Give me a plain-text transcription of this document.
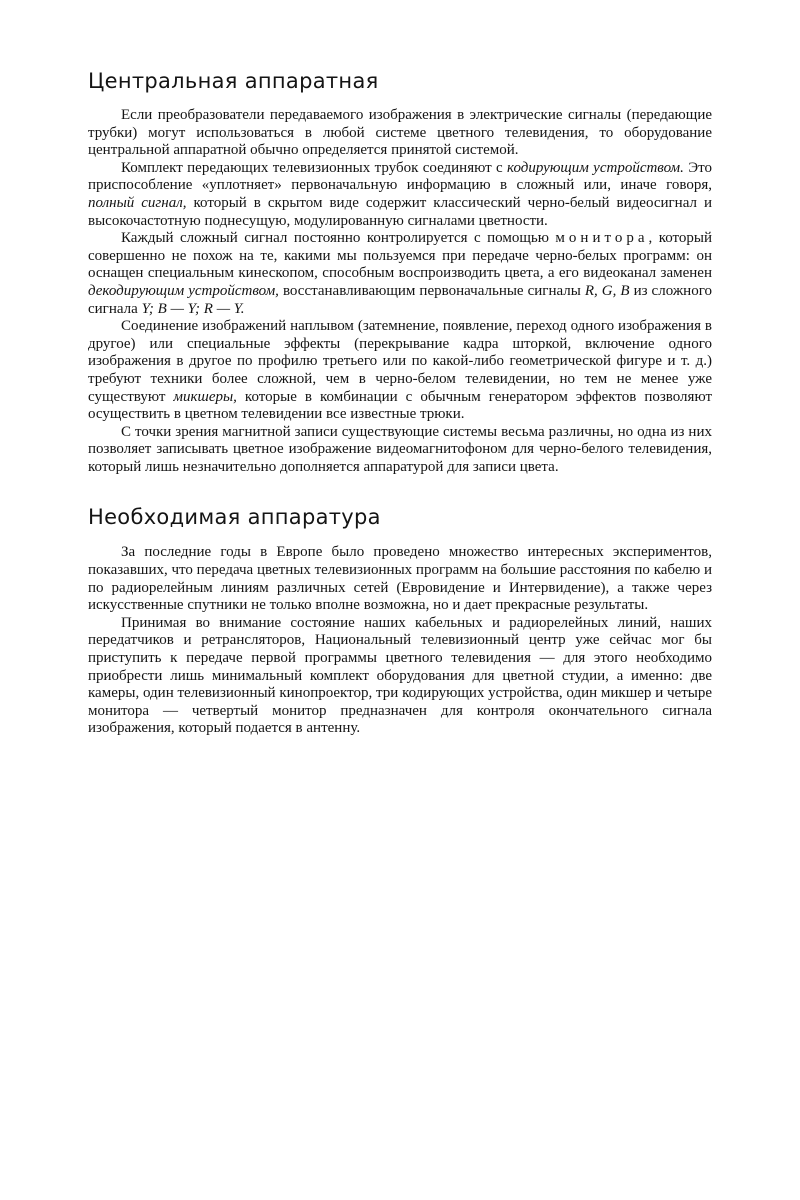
Центральная аппаратная

Если преобразователи передаваемого изображения в электрические сигналы (передающие трубки) могут использоваться в любой системе цветного телевидения, то оборудование центральной аппаратной обычно определяется принятой системой.

Комплект передающих телевизионных трубок соединяют с кодирующим устройством. Это приспособление «уплотняет» первоначальную информацию в сложный или, иначе говоря, полный сигнал, который в скрытом виде содержит классический черно-белый видеосигнал и высокочастотную поднесущую, модулированную сигналами цветности.

Каждый сложный сигнал постоянно контролируется с помощью монитора, который совершенно не похож на те, какими мы пользуемся при передаче черно-белых программ: он оснащен специальным кинескопом, способным воспроизводить цвета, а его видеоканал заменен декодирующим устройством, восстанавливающим первоначальные сигналы R, G, B из сложного сигнала Y; B — Y; R — Y.

Соединение изображений наплывом (затемнение, появление, переход одного изображения в другое) или специальные эффекты (перекрывание кадра шторкой, включение одного изображения в другое по профилю третьего или по какой-либо геометрической фигуре и т. д.) требуют техники более сложной, чем в черно-белом телевидении, но тем не менее уже существуют микшеры, которые в комбинации с обычным генератором эффектов позволяют осуществить в цветном телевидении все известные трюки.

С точки зрения магнитной записи существующие системы весьма различны, но одна из них позволяет записывать цветное изображение видеомагнитофоном для черно-белого телевидения, который лишь незначительно дополняется аппаратурой для записи цвета.

Необходимая аппаратура

За последние годы в Европе было проведено множество интересных экспериментов, показавших, что передача цветных телевизионных программ на большие расстояния по кабелю и по радиорелейным линиям различных сетей (Евровидение и Интервидение), а также через искусственные спутники не только вполне возможна, но и дает прекрасные результаты.

Принимая во внимание состояние наших кабельных и радиорелейных линий, наших передатчиков и ретрансляторов, Национальный телевизионный центр уже сейчас мог бы приступить к передаче первой программы цветного телевидения — для этого необходимо приобрести лишь минимальный комплект оборудования для цветной студии, а именно: две камеры, один телевизионный кинопроектор, три кодирующих устройства, один микшер и четыре монитора — четвертый монитор предназначен для контроля окончательного сигнала изображения, который подается в антенну.
